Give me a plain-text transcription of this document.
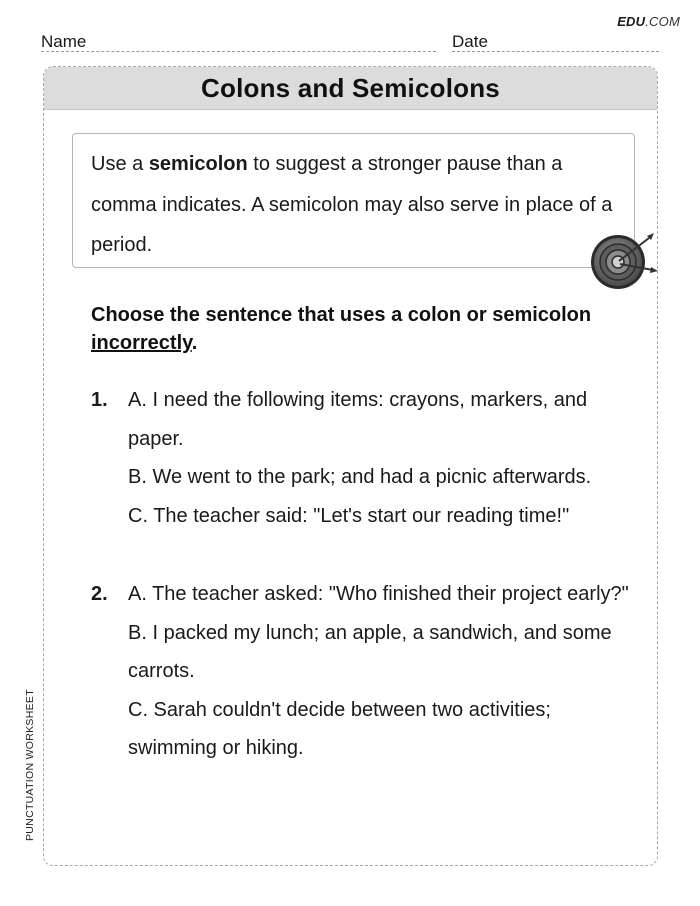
EDU.COM
Name	Date
PUNCTUATION WORKSHEET
Colons and Semicolons

Use a semicolon to suggest a stronger pause than a comma indicates. A semicolon may also serve in place of a period.

Choose the sentence that uses a colon or semicolon incorrectly.

1. A. I need the following items: crayons, markers, and paper.

B. We went to the park; and had a picnic afterwards.

C. The teacher said: "Let's start our reading time!"

2. A. The teacher asked: "Who finished their project early?"

B. I packed my lunch; an apple, a sandwich, and some carrots.

C. Sarah couldn't decide between two activities; swimming or hiking.
